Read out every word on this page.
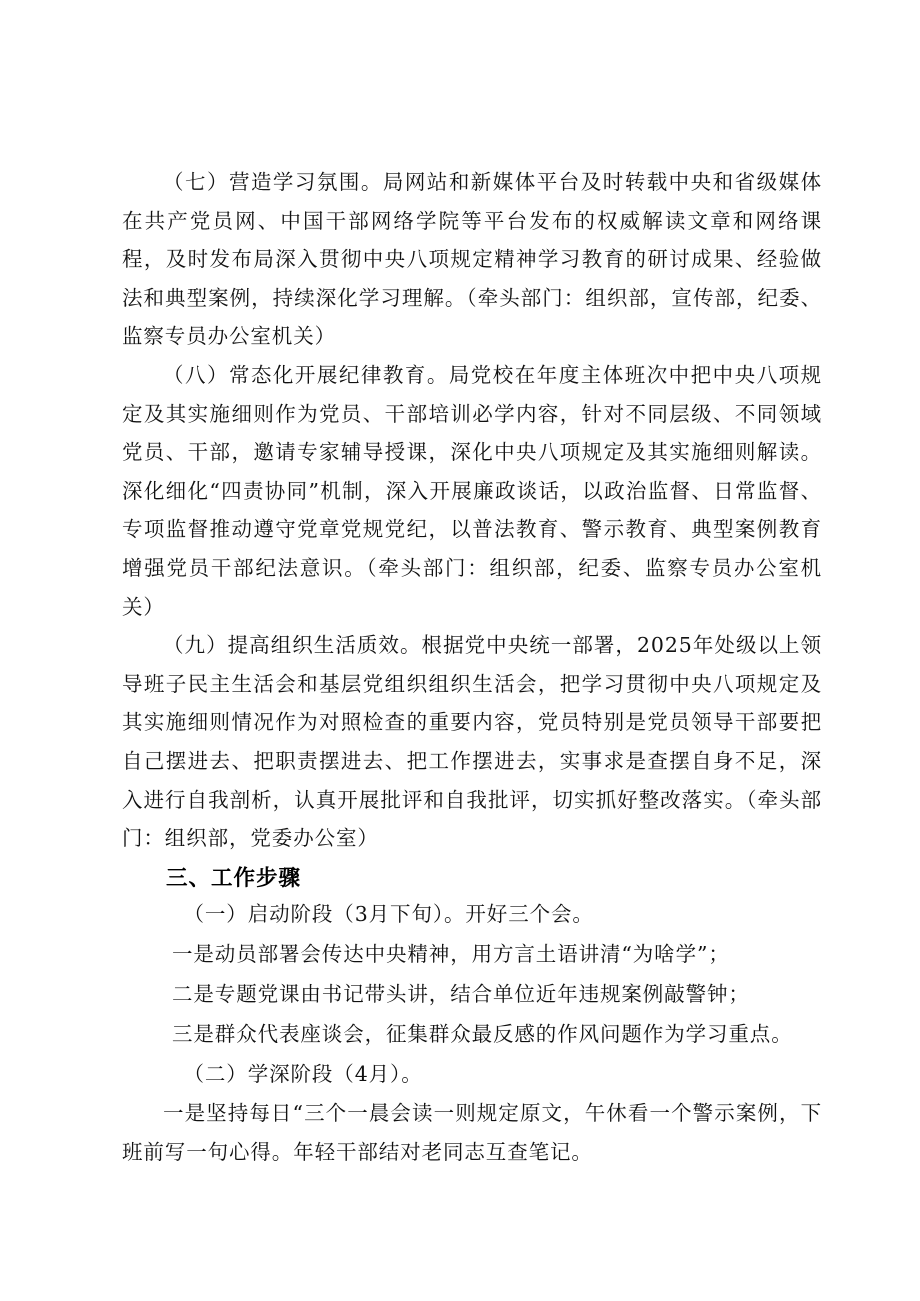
（七）营造学习氛围。局网站和新媒体平台及时转载中央和省级媒体在共产党员网、中国干部网络学院等平台发布的权威解读文章和网络课程，及时发布局深入贯彻中央八项规定精神学习教育的研讨成果、经验做法和典型案例，持续深化学习理解。（牵头部门：组织部，宣传部，纪委、监察专员办公室机关）

（八）常态化开展纪律教育。局党校在年度主体班次中把中央八项规定及其实施细则作为党员、干部培训必学内容，针对不同层级、不同领域党员、干部，邀请专家辅导授课，深化中央八项规定及其实施细则解读。深化细化“四责协同”机制，深入开展廉政谈话，以政治监督、日常监督、专项监督推动遵守党章党规党纪，以普法教育、警示教育、典型案例教育增强党员干部纪法意识。（牵头部门：组织部，纪委、监察专员办公室机关）

（九）提高组织生活质效。根据党中央统一部署，2025年处级以上领导班子民主生活会和基层党组织组织生活会，把学习贯彻中央八项规定及其实施细则情况作为对照检查的重要内容，党员特别是党员领导干部要把自己摆进去、把职责摆进去、把工作摆进去，实事求是查摆自身不足，深入进行自我剖析，认真开展批评和自我批评，切实抓好整改落实。（牵头部门：组织部，党委办公室）

三、工作步骤

（一）启动阶段（3月下旬）。开好三个会。

一是动员部署会传达中央精神，用方言土语讲清“为啥学”；

二是专题党课由书记带头讲，结合单位近年违规案例敲警钟；

三是群众代表座谈会，征集群众最反感的作风问题作为学习重点。

（二）学深阶段（4月）。

一是坚持每日“三个一晨会读一则规定原文，午休看一个警示案例，下班前写一句心得。年轻干部结对老同志互查笔记。
